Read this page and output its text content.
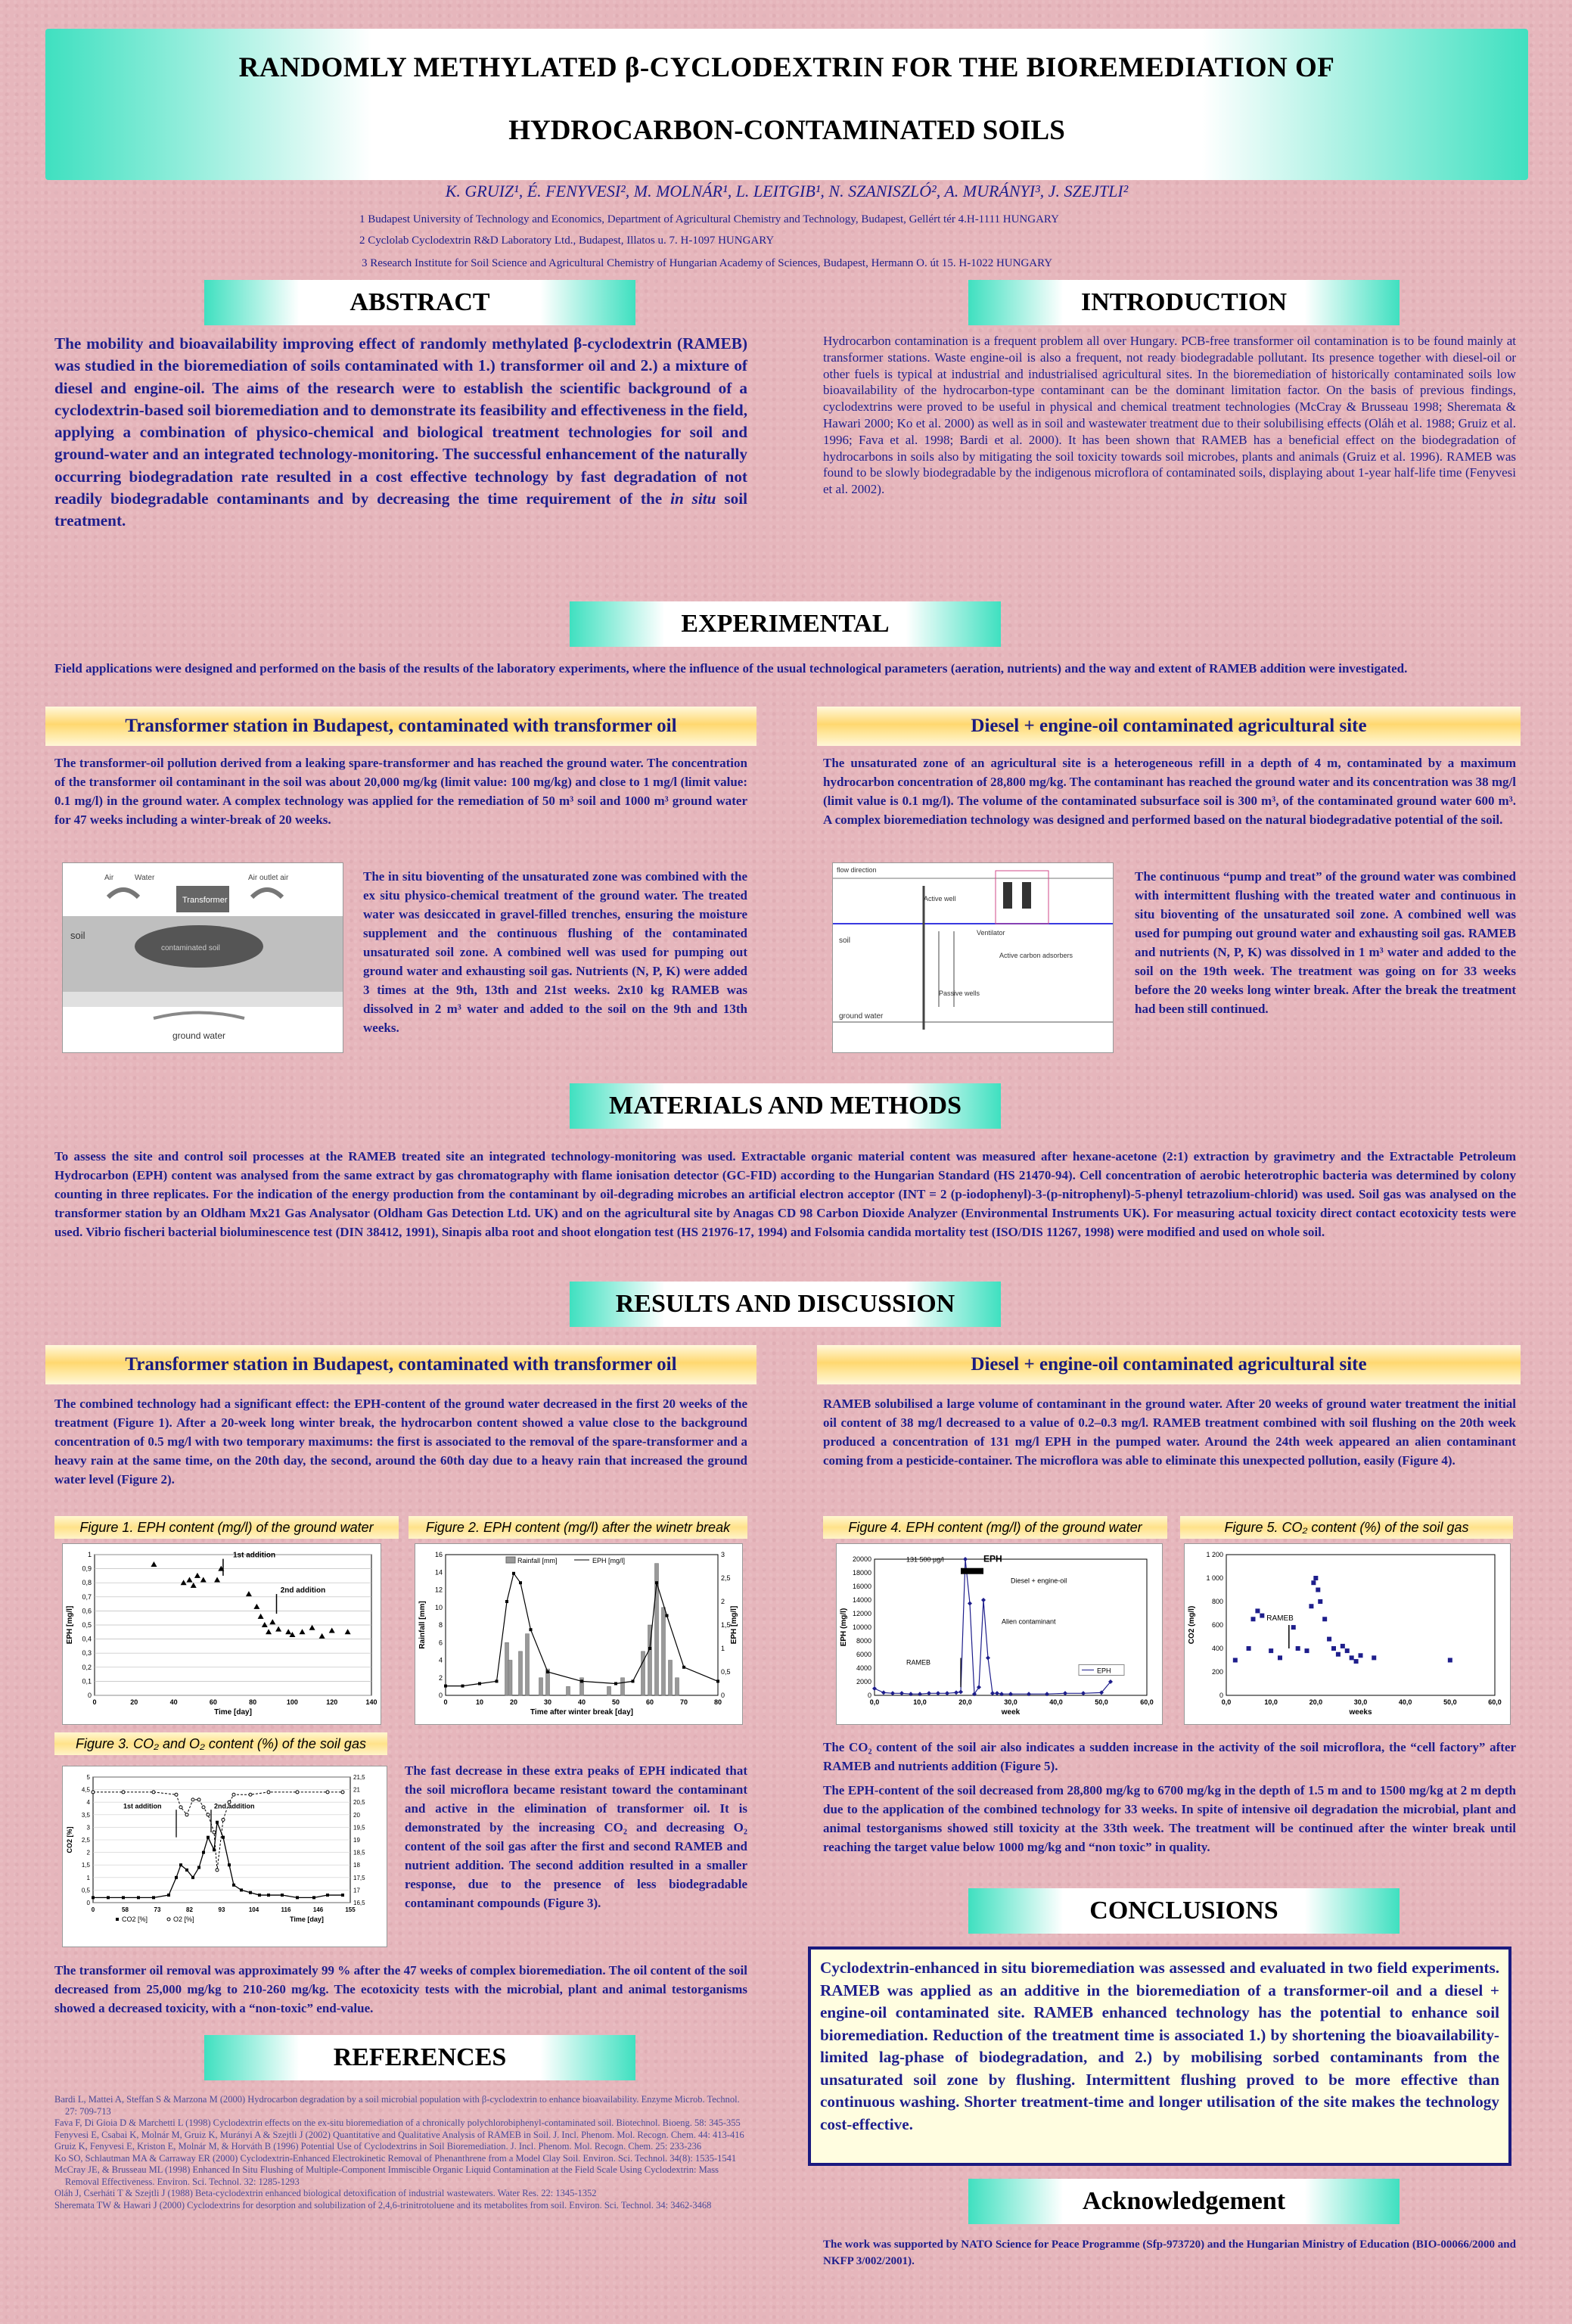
RANDOMLY METHYLATED β-CYCLODEXTRIN FOR THE BIOREMEDIATION OF
HYDROCARBON-CONTAMINATED SOILS
K. GRUIZ¹, É. FENYVESI², M. MOLNÁR¹, L. LEITGIB¹, N. SZANISZLÓ², A. MURÁNYI³, J. SZEJTLI²
1 Budapest University of Technology and Economics, Department of Agricultural Chemistry and Technology, Budapest, Gellért tér 4.H-1111 HUNGARY
2 Cyclolab Cyclodextrin R&D Laboratory Ltd., Budapest, Illatos u. 7. H-1097 HUNGARY
3 Research Institute for Soil Science and Agricultural Chemistry of Hungarian Academy of Sciences, Budapest, Hermann O. út 15. H-1022 HUNGARY
ABSTRACT
The mobility and bioavailability improving effect of randomly methylated β-cyclodextrin (RAMEB) was studied in the bioremediation of soils contaminated with 1.) transformer oil and 2.) a mixture of diesel and engine-oil. The aims of the research were to establish the scientific background of a cyclodextrin-based soil bioremediation and to demonstrate its feasibility and effectiveness in the field, applying a combination of physico-chemical and biological treatment technologies for soil and ground-water and an integrated technology-monitoring. The successful enhancement of the naturally occurring biodegradation rate resulted in a cost effective technology by fast degradation of not readily biodegradable contaminants and by decreasing the time requirement of the in situ soil treatment.
INTRODUCTION
Hydrocarbon contamination is a frequent problem all over Hungary. PCB-free transformer oil contamination is to be found mainly at transformer stations. Waste engine-oil is also a frequent, not ready biodegradable pollutant. Its presence together with diesel-oil or other fuels is typical at industrial and industrialised agricultural sites. In the bioremediation of historically contaminated soils low bioavailability of the hydrocarbon-type contaminant can be the dominant limitation factor. On the basis of previous findings, cyclodextrins were proved to be useful in physical and chemical treatment technologies (McCray & Brusseau 1998; Sheremata & Hawari 2000; Ko et al. 2000) as well as in soil and wastewater treatment due to their solubilising effects (Oláh et al. 1988; Gruiz et al. 1996; Fava et al. 1998; Bardi et al. 2000). It has been shown that RAMEB has a beneficial effect on the biodegradation of hydrocarbons in soils also by mitigating the soil toxicity towards soil microbes, plants and animals (Gruiz et al. 1996). RAMEB was found to be slowly biodegradable by the indigenous microflora of contaminated soils, displaying about 1-year half-life time (Fenyvesi et al. 2002).
EXPERIMENTAL
Field applications were designed and performed on the basis of the results of the laboratory experiments, where the influence of the usual technological parameters (aeration, nutrients) and the way and extent of RAMEB addition were investigated.
Transformer station in Budapest, contaminated with transformer oil	Diesel + engine-oil contaminated agricultural site
The transformer-oil pollution derived from a leaking spare-transformer and has reached the ground water. The concentration of the transformer oil contaminant in the soil was about 20,000 mg/kg (limit value: 100 mg/kg) and close to 1 mg/l (limit value: 0.1 mg/l) in the ground water. A complex technology was applied for the remediation of 50 m³ soil and 1000 m³ ground water for 47 weeks including a winter-break of 20 weeks.
The unsaturated zone of an agricultural site is a heterogeneous refill in a depth of 4 m, contaminated by a maximum hydrocarbon concentration of 28,800 mg/kg. The contaminant has reached the ground water and its concentration was 38 mg/l (limit value is 0.1 mg/l). The volume of the contaminated subsurface soil is 300 m³, of the contaminated ground water 600 m³. A complex bioremediation technology was designed and performed based on the natural biodegradative potential of the soil.
Transformer
Air	Water	Air outlet air
soil
contaminated soil
ground water
The in situ bioventing of the unsaturated zone was combined with the ex situ physico-chemical treatment of the ground water. The treated water was desiccated in gravel-filled trenches, ensuring the moisture supplement and the continuous flushing of the contaminated unsaturated soil zone. A combined well was used for pumping out ground water and exhausting soil gas. Nutrients (N, P, K) were added 3 times at the 9th, 13th and 21st weeks. 2x10 kg RAMEB was dissolved in 2 m³ water and added to the soil on the 9th and 13th weeks.
flow direction
Active well
Ventilator
Active carbon adsorbers
Passive wells
soil
ground water
The continuous “pump and treat” of the ground water was combined with intermittent flushing with the treated water and continuous in situ bioventing of the unsaturated soil zone. A combined well was used for pumping out ground water and exhausting soil gas. RAMEB and nutrients (N, P, K) was dissolved in 1 m³ water and added to the soil on the 19th week. The treatment was going on for 33 weeks before the 20 weeks long winter break. After the break the treatment had been still continued.
MATERIALS AND METHODS
To assess the site and control soil processes at the RAMEB treated site an integrated technology-monitoring was used. Extractable organic material content was measured after hexane-acetone (2:1) extraction by gravimetry and the Extractable Petroleum Hydrocarbon (EPH) content was analysed from the same extract by gas chromatography with flame ionisation detector (GC-FID) according to the Hungarian Standard (HS 21470-94). Cell concentration of aerobic heterotrophic bacteria was determined by colony counting in three replicates. For the indication of the energy production from the contaminant by oil-degrading microbes an artificial electron acceptor (INT = 2 (p-iodophenyl)-3-(p-nitrophenyl)-5-phenyl tetrazolium-chlorid) was used. Soil gas was analysed on the transformer station by an Oldham Mx21 Gas Analysator (Oldham Gas Detection Ltd. UK) and on the agricultural site by Anagas CD 98 Carbon Dioxide Analyzer (Environmental Instruments UK). For measuring actual toxicity direct contact ecotoxicity tests were used. Vibrio fischeri bacterial bioluminescence test (DIN 38412, 1991), Sinapis alba root and shoot elongation test (HS 21976-17, 1994) and Folsomia candida mortality test (ISO/DIS 11267, 1998) were modified and used on whole soil.
RESULTS AND DISCUSSION
Transformer station in Budapest, contaminated with transformer oil	Diesel + engine-oil contaminated agricultural site
The combined technology had a significant effect: the EPH-content of the ground water decreased in the first 20 weeks of the treatment (Figure 1). After a 20-week long winter break, the hydrocarbon content showed a value close to the background concentration of 0.5 mg/l with two temporary maximums: the first is associated to the removal of the spare-transformer and a heavy rain at the same time, on the 20th day, the second, around the 60th day due to a heavy rain that increased the ground water level (Figure 2).
RAMEB solubilised a large volume of contaminant in the ground water. After 20 weeks of ground water treatment the initial oil content of 38 mg/l decreased to a value of 0.2–0.3 mg/l. RAMEB treatment combined with soil flushing on the 20th week produced a concentration of 131 mg/l EPH in the pumped water. Around the 24th week appeared an alien contaminant coming from a pesticide-container. The microflora was able to eliminate this unexpected pollution, easily (Figure 4).
Figure 1. EPH content (mg/l) of the ground water	Figure 2. EPH content (mg/l) after the winetr break	Figure 4. EPH content (mg/l) of the ground water	Figure 5. CO₂ content (%) of the soil gas
0
0,1
0,2
0,3
0,4
0,5
0,6
0,7
0,8
0,9
1
0	20	40	60	80	100	120	140
Time [day]
EPH [mg/l]
1st addition
2nd addition
0
2
4
6
8
10
12
14
16
0	10	20	30	40	50	60	70	80
Time after winter break [day]
Rainfall [mm]
0
0,5
1
1,5
2
2,5
3
EPH [mg/l]
Rainfall [mm]	EPH [mg/l]
0
2000
4000
6000
8000
10000
12000
14000
16000
18000
20000
0,0	10,0	20,0	30,0	40,0	50,0	60,0
week
EPH (mg/l)
131 500 µg/l	EPH
Diesel + engine-oil
Alien contaminant
RAMEB
EPH
0
200
400
600
800
1 000
1 200
0,0	10,0	20,0	30,0	40,0	50,0	60,0
weeks
CO2 (mg/l)	RAMEB
Figure 3. CO₂ and O₂ content (%) of the soil gas
0
0,5
1
1,5
2
2,5
3
3,5
4
4,5
5
16,5
17
17,5
18
18,5
19
19,5
20
20,5
21
21,5
0	58	73	82	93	104	116	146	155
CO2 [%]
1st addition	2nd addition
CO2 [%]	O2 [%]	Time [day]
The fast decrease in these extra peaks of EPH indicated that the soil microflora became resistant toward the contaminant and active in the elimination of transformer oil. It is demonstrated by the increasing CO₂ and decreasing O₂ content of the soil gas after the first and second RAMEB and nutrient addition. The second addition resulted in a smaller response, due to the presence of less biodegradable contaminant compounds (Figure 3).
The transformer oil removal was approximately 99 % after the 47 weeks of complex bioremediation. The oil content of the soil decreased from 25,000 mg/kg to 210-260 mg/kg. The ecotoxicity tests with the microbial, plant and animal testorganisms showed a decreased toxicity, with a “non-toxic” end-value.
The CO₂ content of the soil air also indicates a sudden increase in the activity of the soil microflora, the “cell factory” after RAMEB and nutrients addition (Figure 5).
The EPH-content of the soil decreased from 28,800 mg/kg to 6700 mg/kg in the depth of 1.5 m and to 1500 mg/kg at 2 m depth due to the application of the combined technology for 33 weeks. In spite of intensive oil degradation the microbial, plant and animal testorganisms showed still toxicity at the 33th week. The treatment will be continued after the winter break until reaching the target value below 1000 mg/kg and “non toxic” in quality.
CONCLUSIONS
Cyclodextrin-enhanced in situ bioremediation was assessed and evaluated in two field experiments. RAMEB was applied as an additive in the bioremediation of a transformer-oil and a diesel + engine-oil contaminated site. RAMEB enhanced technology has the potential to enhance soil bioremediation. Reduction of the treatment time is associated 1.) by shortening the bioavailability-limited lag-phase of biodegradation, and 2.) by mobilising sorbed contaminants from the unsaturated soil zone by flushing. Intermittent flushing proved to be more effective than continuous washing. Shorter treatment-time and longer utilisation of the site makes the technology cost-effective.
Acknowledgement
The work was supported by NATO Science for Peace Programme (Sfp-973720) and the Hungarian Ministry of Education (BIO-00066/2000 and NKFP 3/002/2001).
REFERENCES

Bardi L, Mattei A, Steffan S & Marzona M (2000) Hydrocarbon degradation by a soil microbial population with β-cyclodextrin to enhance bioavailability. Enzyme Microb. Technol. 27: 709-713

Fava F, Di Gioia D & Marchetti L (1998) Cyclodextrin effects on the ex-situ bioremediation of a chronically polychlorobiphenyl-contaminated soil. Biotechnol. Bioeng. 58: 345-355

Fenyvesi E, Csabai K, Molnár M, Gruiz K, Murányi A & Szejtli J (2002) Quantitative and Qualitative Analysis of RAMEB in Soil. J. Incl. Phenom. Mol. Recogn. Chem. 44: 413-416

Gruiz K, Fenyvesi E, Kriston E, Molnár M, & Horváth B (1996) Potential Use of Cyclodextrins in Soil Bioremediation. J. Incl. Phenom. Mol. Recogn. Chem. 25: 233-236

Ko SO, Schlautman MA & Carraway ER (2000) Cyclodextrin-Enhanced Electrokinetic Removal of Phenanthrene from a Model Clay Soil. Environ. Sci. Technol. 34(8): 1535-1541

McCray JE, & Brusseau ML (1998) Enhanced In Situ Flushing of Multiple-Component Immiscible Organic Liquid Contamination at the Field Scale Using Cyclodextrin: Mass Removal Effectiveness. Environ. Sci. Technol. 32: 1285-1293

Oláh J, Cserháti T & Szejtli J (1988) Beta-cyclodextrin enhanced biological detoxification of industrial wastewaters. Water Res. 22: 1345-1352

Sheremata TW & Hawari J (2000) Cyclodextrins for desorption and solubilization of 2,4,6-trinitrotoluene and its metabolites from soil. Environ. Sci. Technol. 34: 3462-3468
